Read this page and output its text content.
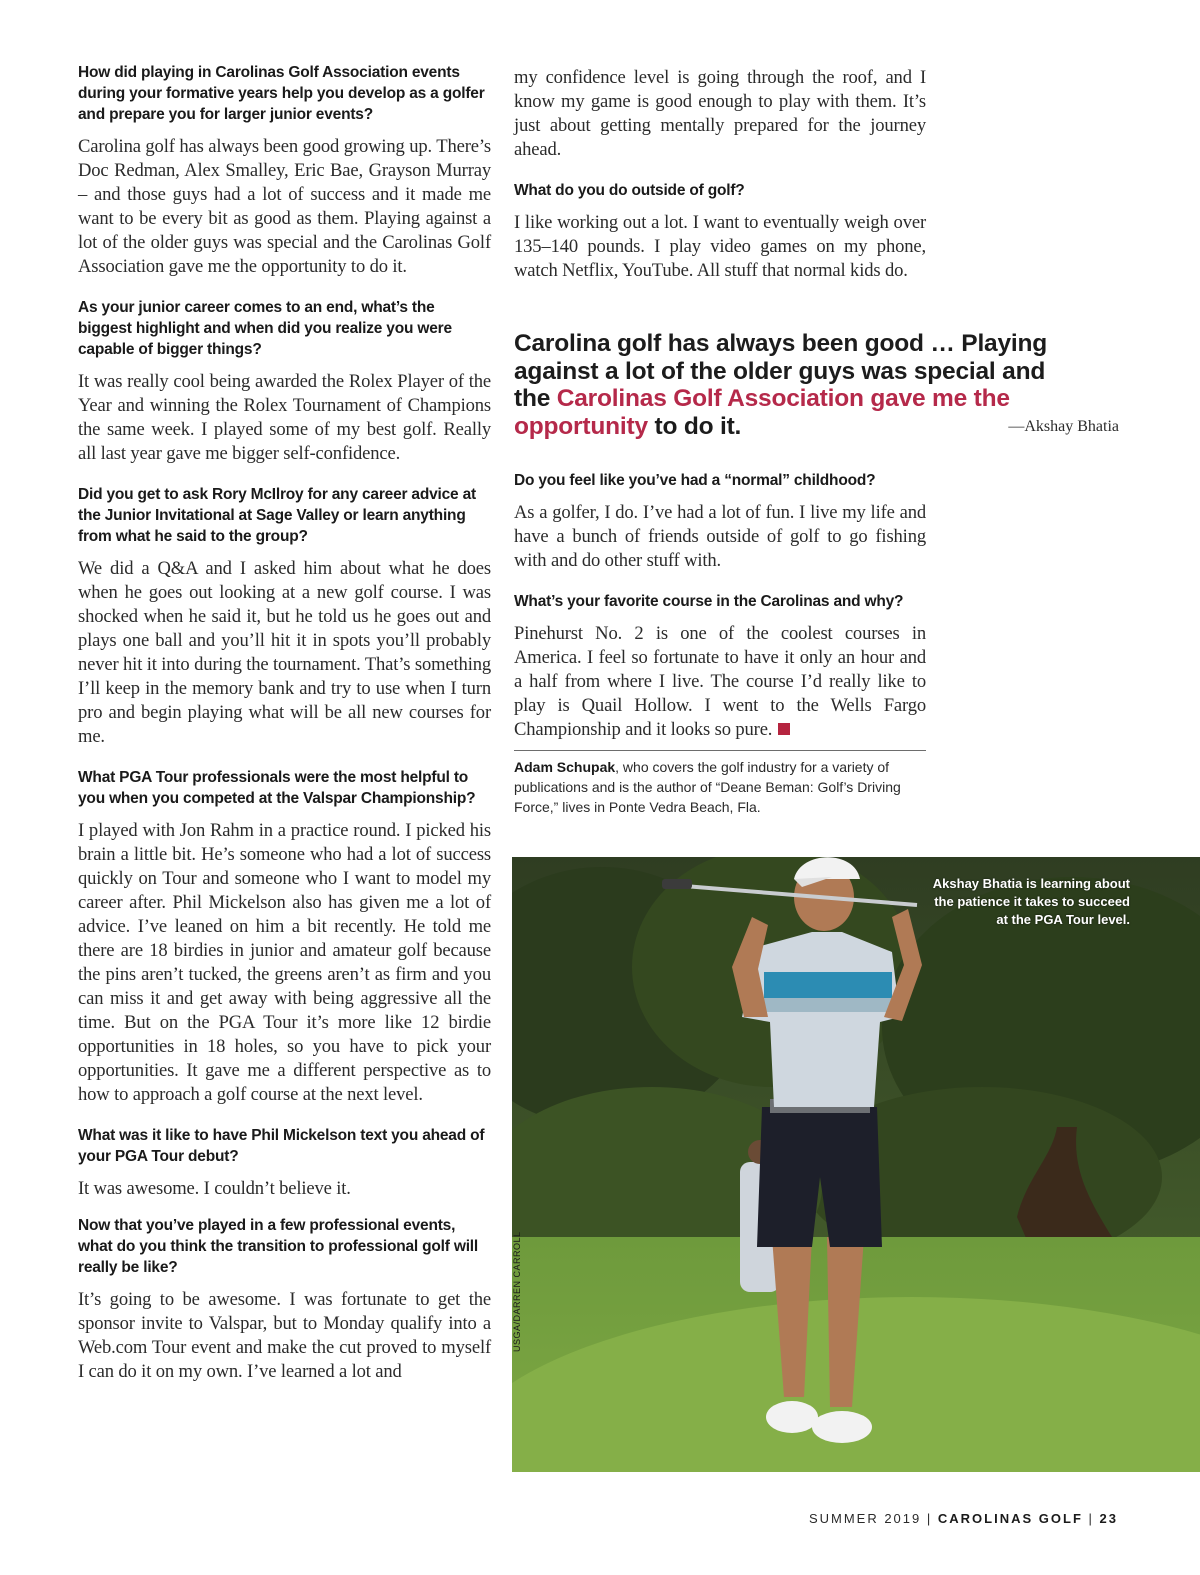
How did playing in Carolinas Golf Association events during your formative years help you develop as a golfer and prepare you for larger junior events?

Carolina golf has always been good growing up. There’s Doc Redman, Alex Smalley, Eric Bae, Grayson Murray – and those guys had a lot of success and it made me want to be every bit as good as them. Playing against a lot of the older guys was special and the Carolinas Golf Association gave me the opportunity to do it.

As your junior career comes to an end, what’s the biggest highlight and when did you realize you were capable of bigger things?

It was really cool being awarded the Rolex Player of the Year and winning the Rolex Tournament of Champions the same week. I played some of my best golf. Really all last year gave me bigger self-confidence.

Did you get to ask Rory McIlroy for any career advice at the Junior Invitational at Sage Valley or learn anything from what he said to the group?

We did a Q&A and I asked him about what he does when he goes out looking at a new golf course. I was shocked when he said it, but he told us he goes out and plays one ball and you’ll hit it in spots you’ll probably never hit it into during the tournament. That’s something I’ll keep in the memory bank and try to use when I turn pro and begin playing what will be all new courses for me.

What PGA Tour professionals were the most helpful to you when you competed at the Valspar Championship?

I played with Jon Rahm in a practice round. I picked his brain a little bit. He’s someone who had a lot of success quickly on Tour and someone who I want to model my career after. Phil Mickelson also has given me a lot of advice. I’ve leaned on him a bit recently. He told me there are 18 birdies in junior and amateur golf because the pins aren’t tucked, the greens aren’t as firm and you can miss it and get away with being aggressive all the time. But on the PGA Tour it’s more like 12 birdie opportunities in 18 holes, so you have to pick your opportunities. It gave me a different perspective as to how to approach a golf course at the next level.

What was it like to have Phil Mickelson text you ahead of your PGA Tour debut?

It was awesome. I couldn’t believe it.

Now that you’ve played in a few professional events, what do you think the transition to professional golf will really be like?

It’s going to be awesome. I was fortunate to get the sponsor invite to Valspar, but to Monday qualify into a Web.com Tour event and make the cut proved to myself I can do it on my own. I’ve learned a lot and

my confidence level is going through the roof, and I know my game is good enough to play with them. It’s just about getting mentally prepared for the journey ahead.

What do you do outside of golf?

I like working out a lot. I want to eventually weigh over 135–140 pounds. I play video games on my phone, watch Netflix, YouTube. All stuff that normal kids do.

Carolina golf has always been good … Playing against a lot of the older guys was special and the Carolinas Golf Association gave me the opportunity to do it.	—Akshay Bhatia

Do you feel like you’ve had a “normal” childhood?

As a golfer, I do. I’ve had a lot of fun. I live my life and have a bunch of friends outside of golf to go fishing with and do other stuff with.

What’s your favorite course in the Carolinas and why?

Pinehurst No. 2 is one of the coolest courses in America. I feel so fortunate to have it only an hour and a half from where I live. The course I’d really like to play is Quail Hollow. I went to the Wells Fargo Championship and it looks so pure.

Adam Schupak, who covers the golf industry for a variety of publications and is the author of “Deane Beman: Golf’s Driving Force,” lives in Ponte Vedra Beach, Fla.

Akshay Bhatia is learning about the patience it takes to succeed at the PGA Tour level.
USGA/DARREN CARROLL
SUMMER 2019 | CAROLINAS GOLF | 23
